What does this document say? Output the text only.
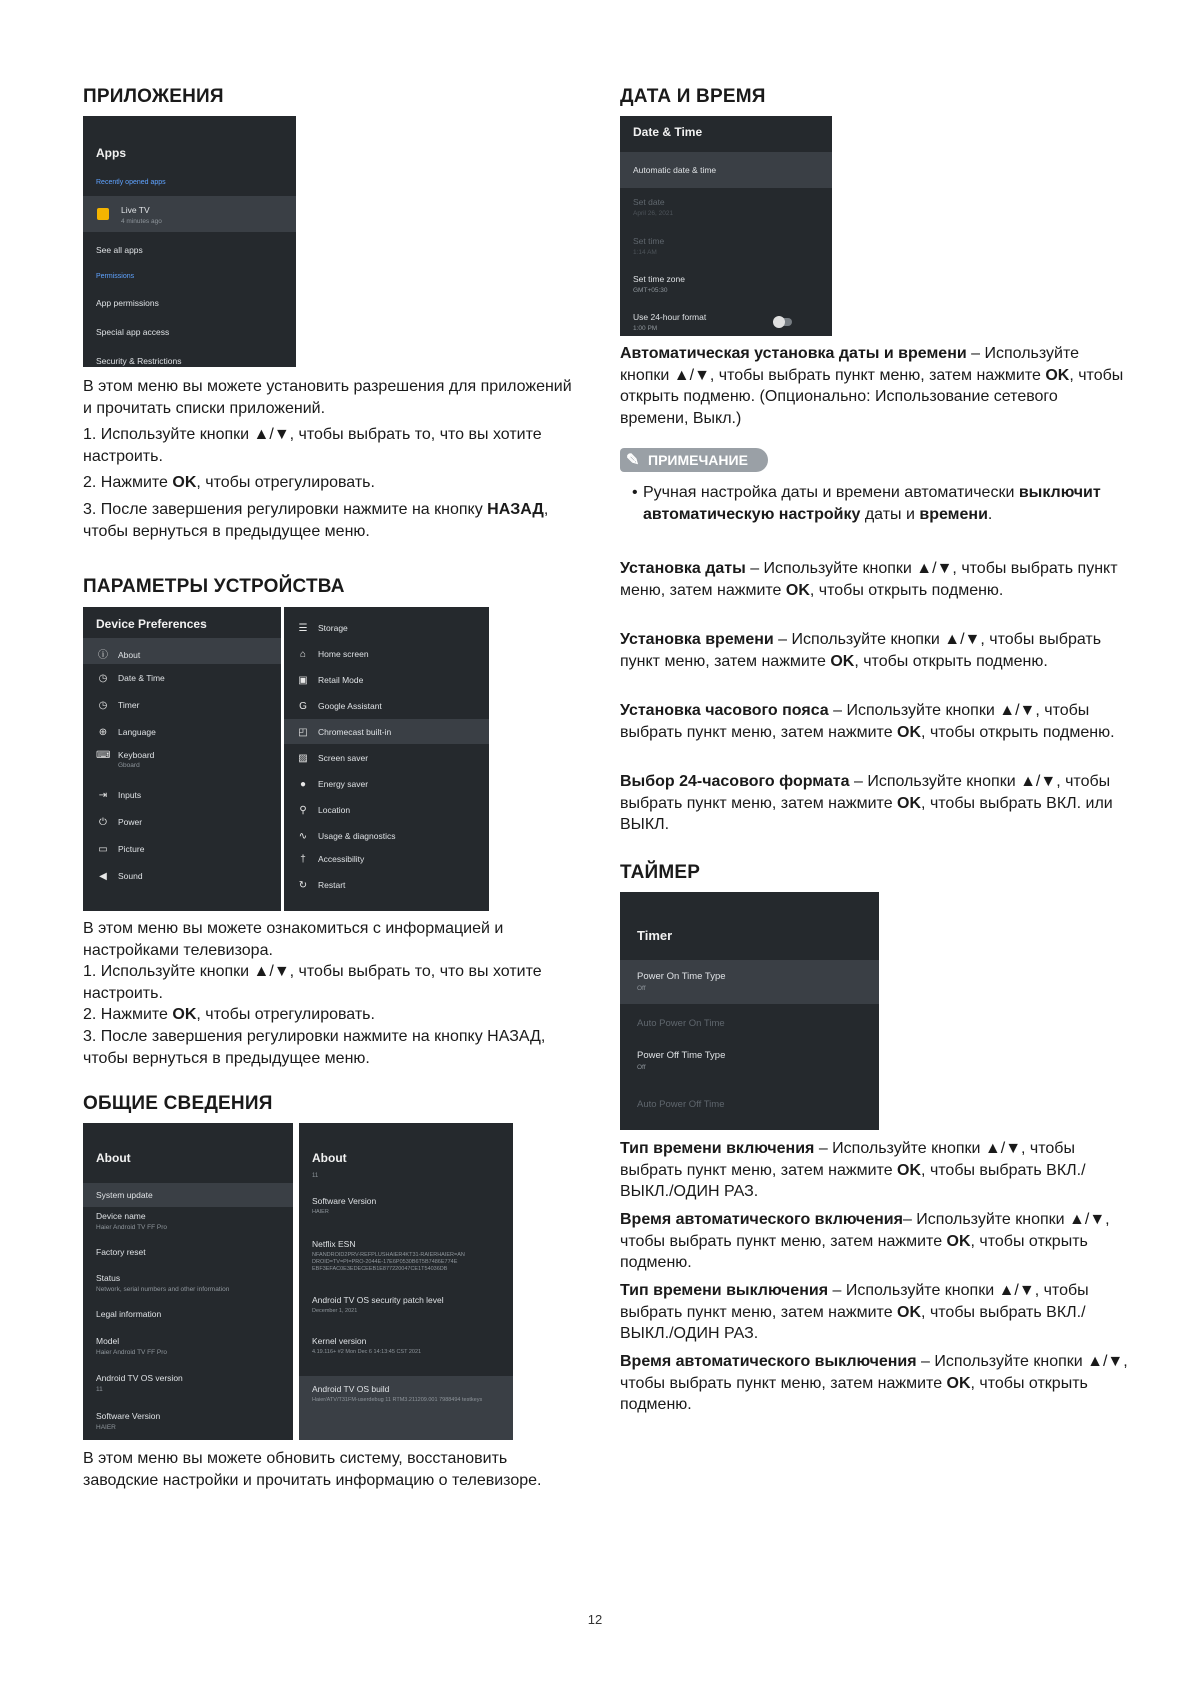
ПРИЛОЖЕНИЯ
Apps
Recently opened apps
Live TV
4 minutes ago
See all apps
Permissions
App permissions
Special app access
Security & Restrictions
В этом меню вы можете установить разрешения для приложений и прочитать списки приложений.
1. Используйте кнопки ▲/▼, чтобы выбрать то, что вы хотите настроить.
2. Нажмите OK, чтобы отрегулировать.
3. После завершения регулировки нажмите на кнопку НАЗАД, чтобы вернуться в предыдущее меню.
ПАРАМЕТРЫ УСТРОЙСТВА
Device Preferences
ⓘ About
◷ Date & Time
◷ Timer
⊕ Language
⌨ Keyboard
Gboard
⇥ Inputs
⏻ Power
▭ Picture
◀ Sound
☰ Storage
⌂ Home screen
▣ Retail Mode
G Google Assistant
◰ Chromecast built-in
▨ Screen saver
● Energy saver
⚲ Location
∿ Usage & diagnostics
† Accessibility
↻ Restart
В этом меню вы можете ознакомиться с информацией и настройками телевизора.
1. Используйте кнопки ▲/▼, чтобы выбрать то, что вы хотите настроить.
2. Нажмите OK, чтобы отрегулировать.
3. После завершения регулировки нажмите на кнопку НАЗАД, чтобы вернуться в предыдущее меню.
ОБЩИЕ СВЕДЕНИЯ
About
System update
Device name
Haier Android TV FF Pro
Factory reset
Status
Network, serial numbers and other information
Legal information
Model
Haier Android TV FF Pro
Android TV OS version
11
Software Version
HAIER
About
11
Software Version
HAIER
Netflix ESN
NFANDROID2PRV-REFPLUSHAIER4KT31-RAIERHAIER=AN DROID=TV=PI=PRO-2044E-17E6P0530B6T5B7486E774E EBF3EFAC0E3EDECEEB1E877220047CE1T54036DB
Android TV OS security patch level
December 1, 2021
Kernel version
4.19.116+ #2 Mon Dec 6 14:13:45 CST 2021
Android TV OS build
Haier/ATV/T31FM-userdebug 11 RTM3.211209.001 7988494 testkeys
В этом меню вы можете обновить систему, восстановить заводские настройки и прочитать информацию о телевизоре.
ДАТА И ВРЕМЯ
Date & Time
Automatic date & time
Set date
April 26, 2021
Set time
1:14 AM
Set time zone
GMT+05:30
Use 24-hour format
1:00 PM
Автоматическая установка даты и времени – Используйте кнопки ▲/▼, чтобы выбрать пункт меню, затем нажмите OK, чтобы открыть подменю. (Опционально: Использование сетевого времени, Выкл.)
✎ ПРИМЕЧАНИЕ
• Ручная настройка даты и времени автоматически выключит автоматическую настройку даты и времени.
Установка даты – Используйте кнопки ▲/▼, чтобы выбрать пункт меню, затем нажмите OK, чтобы открыть подменю.
Установка времени – Используйте кнопки ▲/▼, чтобы выбрать пункт меню, затем нажмите OK, чтобы открыть подменю.
Установка часового пояса – Используйте кнопки ▲/▼, чтобы выбрать пункт меню, затем нажмите OK, чтобы открыть подменю.
Выбор 24-часового формата – Используйте кнопки ▲/▼, чтобы выбрать пункт меню, затем нажмите OK, чтобы выбрать ВКЛ. или ВЫКЛ.
ТАЙМЕР
Timer
Power On Time Type
Off
Auto Power On Time
Power Off Time Type
Off
Auto Power Off Time
Тип времени включения – Используйте кнопки ▲/▼, чтобы выбрать пункт меню, затем нажмите OK, чтобы выбрать ВКЛ./ВЫКЛ./ОДИН РАЗ.
Время автоматического включения– Используйте кнопки ▲/▼, чтобы выбрать пункт меню, затем нажмите OK, чтобы открыть подменю.
Тип времени выключения – Используйте кнопки ▲/▼, чтобы выбрать пункт меню, затем нажмите OK, чтобы выбрать ВКЛ./ВЫКЛ./ОДИН РАЗ.
Время автоматического выключения – Используйте кнопки ▲/▼, чтобы выбрать пункт меню, затем нажмите OK, чтобы открыть подменю.
12
